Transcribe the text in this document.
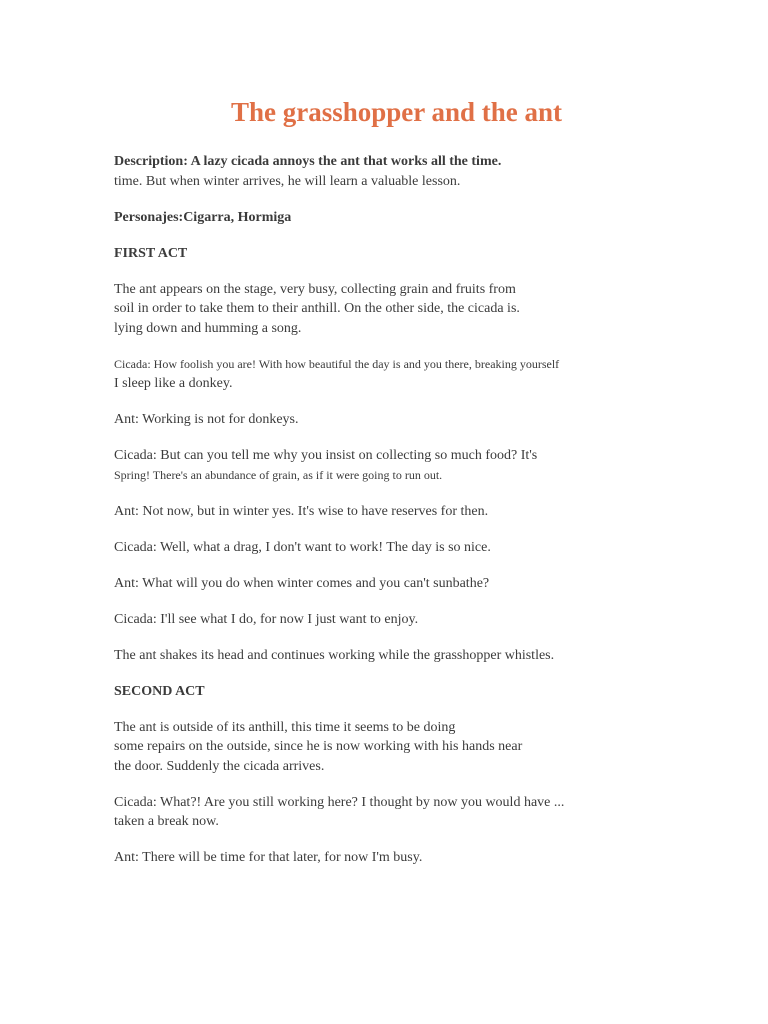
The grasshopper and the ant

Description: A lazy cicada annoys the ant that works all the time.
time. But when winter arrives, he will learn a valuable lesson.

Personajes:Cigarra, Hormiga

FIRST ACT

The ant appears on the stage, very busy, collecting grain and fruits from
soil in order to take them to their anthill. On the other side, the cicada is.
lying down and humming a song.

Cicada: How foolish you are! With how beautiful the day is and you there, breaking yourself
I sleep like a donkey.

Ant: Working is not for donkeys.

Cicada: But can you tell me why you insist on collecting so much food? It's
Spring! There's an abundance of grain, as if it were going to run out.

Ant: Not now, but in winter yes. It's wise to have reserves for then.

Cicada: Well, what a drag, I don't want to work! The day is so nice.

Ant: What will you do when winter comes and you can't sunbathe?

Cicada: I'll see what I do, for now I just want to enjoy.

The ant shakes its head and continues working while the grasshopper whistles.

SECOND ACT

The ant is outside of its anthill, this time it seems to be doing
some repairs on the outside, since he is now working with his hands near
the door. Suddenly the cicada arrives.

Cicada: What?! Are you still working here? I thought by now you would have ...
taken a break now.

Ant: There will be time for that later, for now I'm busy.
